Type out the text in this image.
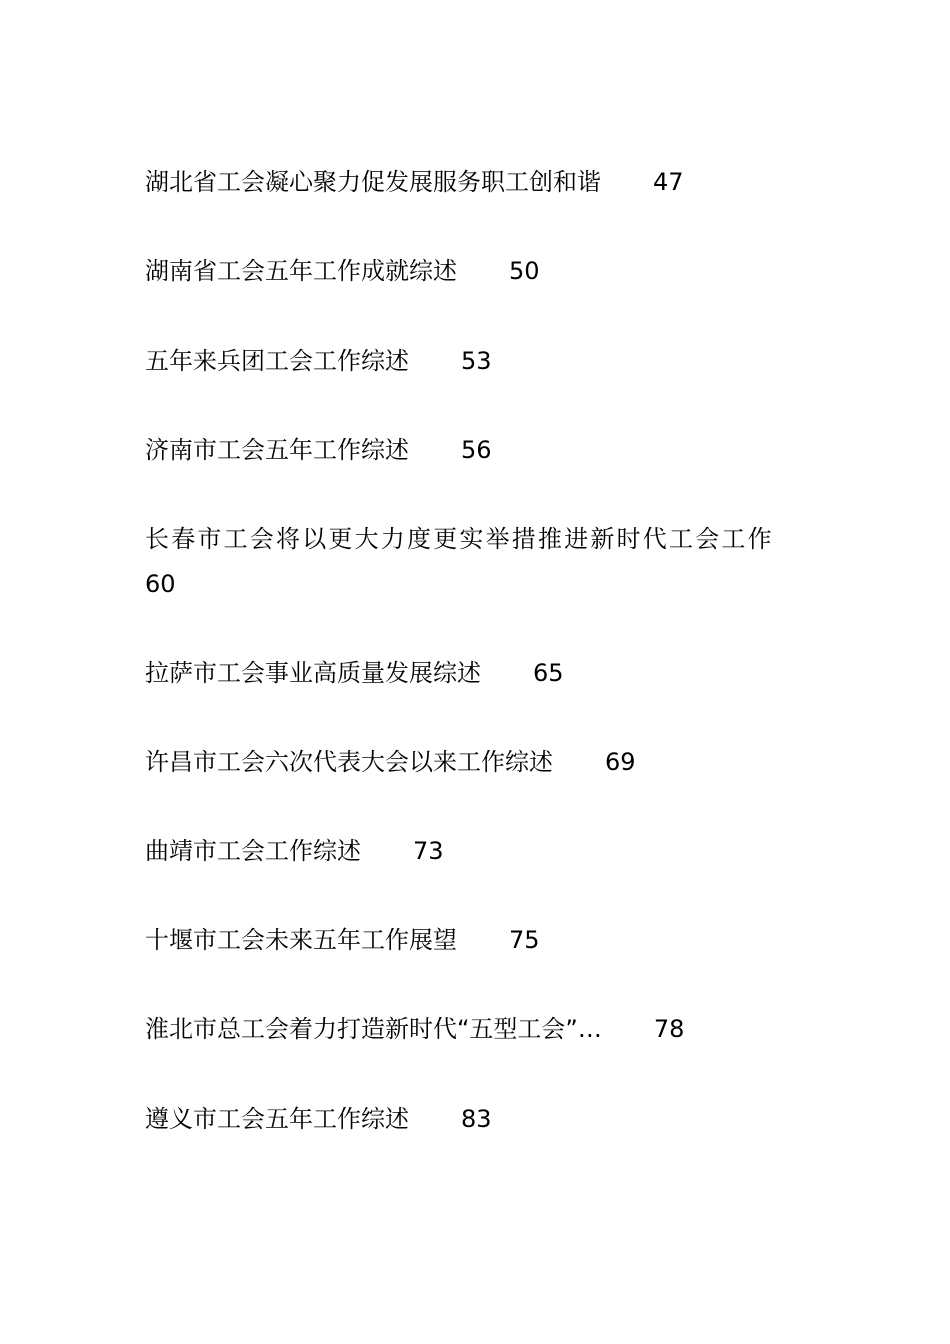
湖北省工会凝心聚力促发展服务职工创和谐 47
湖南省工会五年工作成就综述 50
五年来兵团工会工作综述 53
济南市工会五年工作综述 56
长春市工会将以更大力度更实举措推进新时代工会工作
60
拉萨市工会事业高质量发展综述 65
许昌市工会六次代表大会以来工作综述 69
曲靖市工会工作综述 73
十堰市工会未来五年工作展望 75
淮北市总工会着力打造新时代“五型工会”… 78
遵义市工会五年工作综述 83
